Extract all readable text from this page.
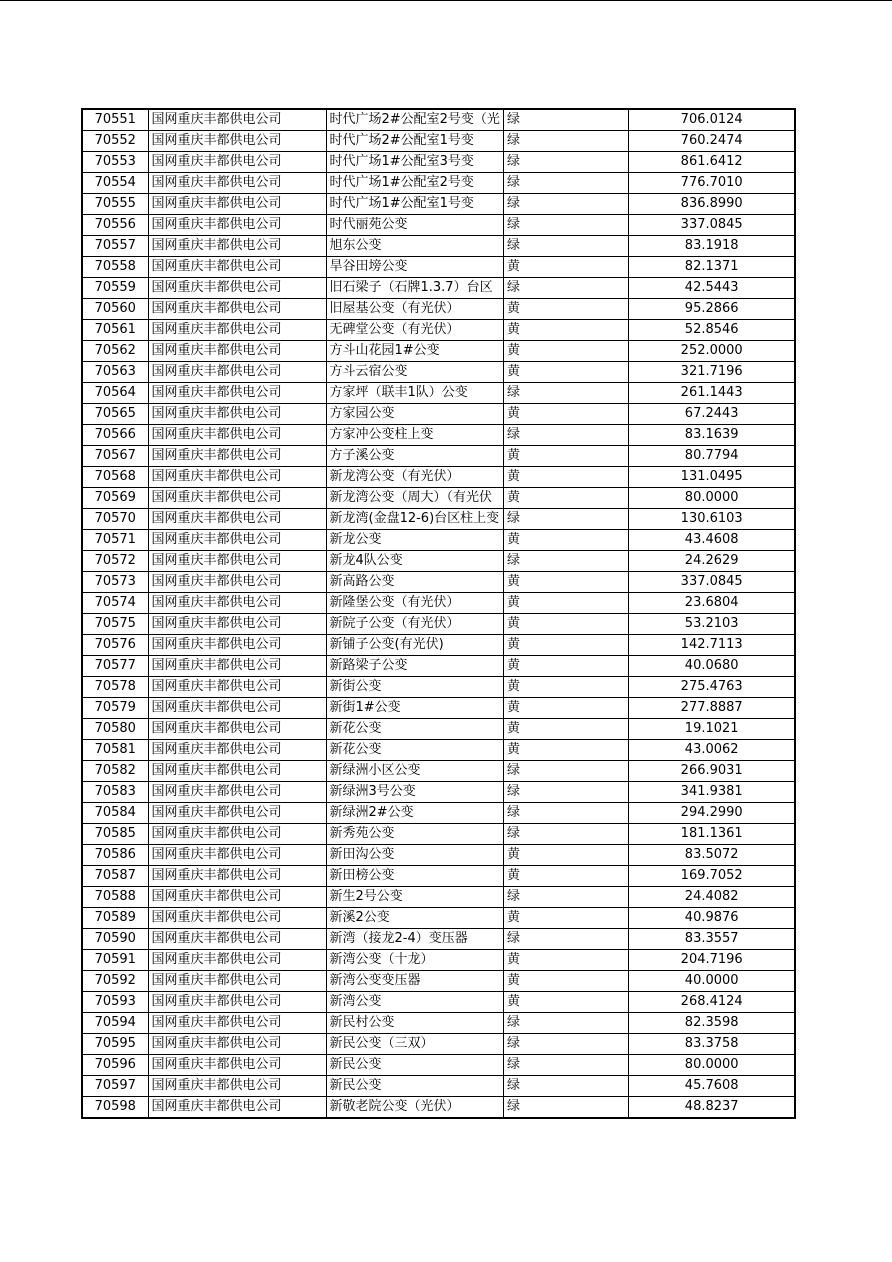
70551	国网重庆丰都供电公司	时代广场2#公配室2号变（光	绿	706.0124
70552	国网重庆丰都供电公司	时代广场2#公配室1号变	绿	760.2474
70553	国网重庆丰都供电公司	时代广场1#公配室3号变	绿	861.6412
70554	国网重庆丰都供电公司	时代广场1#公配室2号变	绿	776.7010
70555	国网重庆丰都供电公司	时代广场1#公配室1号变	绿	836.8990
70556	国网重庆丰都供电公司	时代丽苑公变	绿	337.0845
70557	国网重庆丰都供电公司	旭东公变	绿	83.1918
70558	国网重庆丰都供电公司	旱谷田塝公变	黄	82.1371
70559	国网重庆丰都供电公司	旧石梁子（石牌1.3.7）台区	绿	42.5443
70560	国网重庆丰都供电公司	旧屋基公变（有光伏）	黄	95.2866
70561	国网重庆丰都供电公司	无碑堂公变（有光伏）	黄	52.8546
70562	国网重庆丰都供电公司	方斗山花园1#公变	黄	252.0000
70563	国网重庆丰都供电公司	方斗云宿公变	黄	321.7196
70564	国网重庆丰都供电公司	方家坪（联丰1队）公变	绿	261.1443
70565	国网重庆丰都供电公司	方家园公变	黄	67.2443
70566	国网重庆丰都供电公司	方家冲公变柱上变	绿	83.1639
70567	国网重庆丰都供电公司	方子溪公变	黄	80.7794
70568	国网重庆丰都供电公司	新龙湾公变（有光伏）	黄	131.0495
70569	国网重庆丰都供电公司	新龙湾公变（周大）（有光伏	黄	80.0000
70570	国网重庆丰都供电公司	新龙湾(金盘12-6)台区柱上变	绿	130.6103
70571	国网重庆丰都供电公司	新龙公变	黄	43.4608
70572	国网重庆丰都供电公司	新龙4队公变	绿	24.2629
70573	国网重庆丰都供电公司	新高路公变	黄	337.0845
70574	国网重庆丰都供电公司	新隆堡公变（有光伏）	黄	23.6804
70575	国网重庆丰都供电公司	新院子公变（有光伏）	黄	53.2103
70576	国网重庆丰都供电公司	新铺子公变(有光伏)	黄	142.7113
70577	国网重庆丰都供电公司	新路梁子公变	黄	40.0680
70578	国网重庆丰都供电公司	新街公变	黄	275.4763
70579	国网重庆丰都供电公司	新街1#公变	黄	277.8887
70580	国网重庆丰都供电公司	新花公变	黄	19.1021
70581	国网重庆丰都供电公司	新花公变	黄	43.0062
70582	国网重庆丰都供电公司	新绿洲小区公变	绿	266.9031
70583	国网重庆丰都供电公司	新绿洲3号公变	绿	341.9381
70584	国网重庆丰都供电公司	新绿洲2#公变	绿	294.2990
70585	国网重庆丰都供电公司	新秀苑公变	绿	181.1361
70586	国网重庆丰都供电公司	新田沟公变	黄	83.5072
70587	国网重庆丰都供电公司	新田榜公变	黄	169.7052
70588	国网重庆丰都供电公司	新生2号公变	绿	24.4082
70589	国网重庆丰都供电公司	新溪2公变	黄	40.9876
70590	国网重庆丰都供电公司	新湾（接龙2-4）变压器	绿	83.3557
70591	国网重庆丰都供电公司	新湾公变（十龙）	黄	204.7196
70592	国网重庆丰都供电公司	新湾公变变压器	黄	40.0000
70593	国网重庆丰都供电公司	新湾公变	黄	268.4124
70594	国网重庆丰都供电公司	新民村公变	绿	82.3598
70595	国网重庆丰都供电公司	新民公变（三双）	绿	83.3758
70596	国网重庆丰都供电公司	新民公变	绿	80.0000
70597	国网重庆丰都供电公司	新民公变	绿	45.7608
70598	国网重庆丰都供电公司	新敬老院公变（光伏）	绿	48.8237
